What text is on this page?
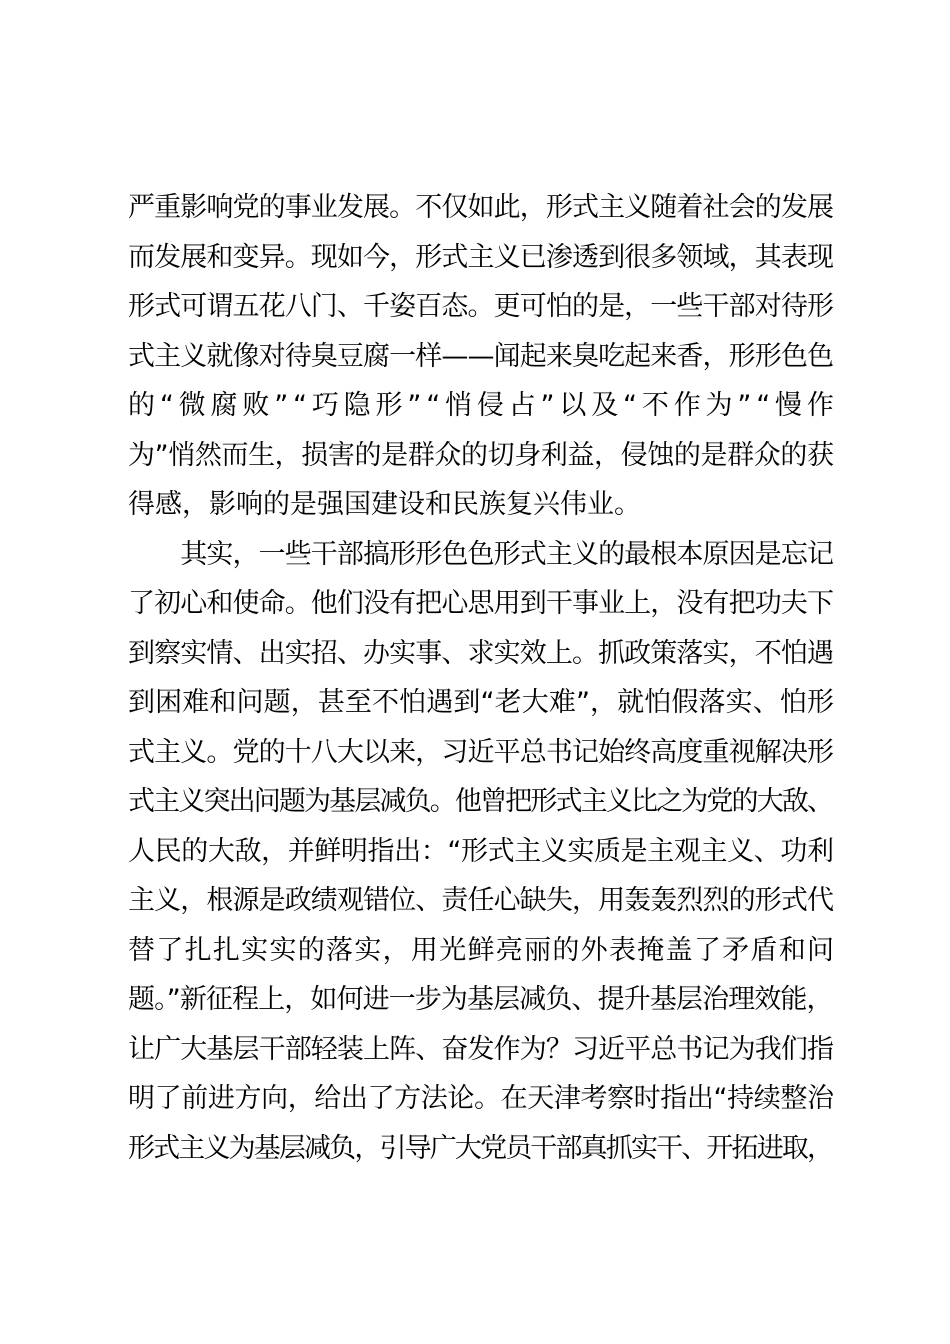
严重影响党的事业发展。不仅如此，形式主义随着社会的发展
而发展和变异。现如今，形式主义已渗透到很多领域，其表现
形式可谓五花八门、千姿百态。更可怕的是，一些干部对待形
式主义就像对待臭豆腐一样——闻起来臭吃起来香，形形色色
的“微腐败”“巧隐形”“悄侵占”以及“不作为”“慢作
为”悄然而生，损害的是群众的切身利益，侵蚀的是群众的获
得感，影响的是强国建设和民族复兴伟业。
　　其实，一些干部搞形形色色形式主义的最根本原因是忘记
了初心和使命。他们没有把心思用到干事业上，没有把功夫下
到察实情、出实招、办实事、求实效上。抓政策落实，不怕遇
到困难和问题，甚至不怕遇到“老大难”，就怕假落实、怕形
式主义。党的十八大以来，习近平总书记始终高度重视解决形
式主义突出问题为基层减负。他曾把形式主义比之为党的大敌、
人民的大敌，并鲜明指出：“形式主义实质是主观主义、功利
主义，根源是政绩观错位、责任心缺失，用轰轰烈烈的形式代
替了扎扎实实的落实，用光鲜亮丽的外表掩盖了矛盾和问
题。”新征程上，如何进一步为基层减负、提升基层治理效能，
让广大基层干部轻装上阵、奋发作为？习近平总书记为我们指
明了前进方向，给出了方法论。在天津考察时指出“持续整治
形式主义为基层减负，引导广大党员干部真抓实干、开拓进取，
